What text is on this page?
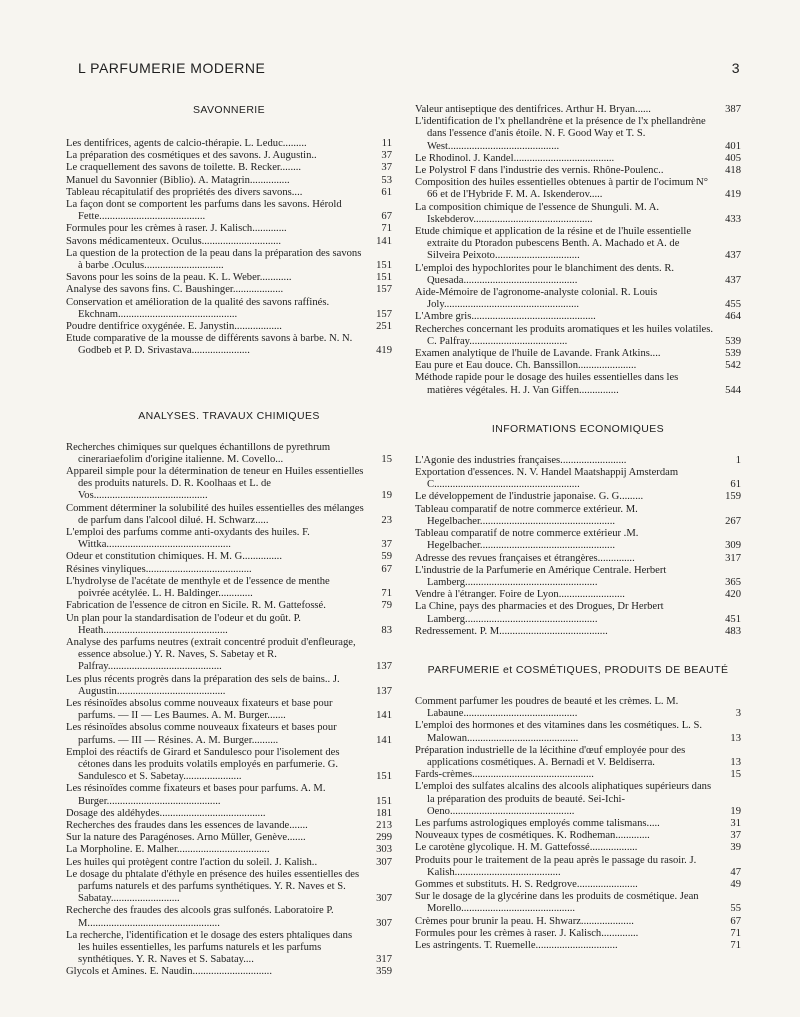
L PARFUMERIE MODERNE	3
SAVONNERIE
Les dentifrices, agents de calcio-thérapie. L. Leduc.........	11
La préparation des cosmétiques et des savons. J. Augustin..	37
Le craquellement des savons de toilette. B. Recker........	37
Manuel du Savonnier (Biblio). A. Matagrin...............	53
Tableau récapitulatif des propriétés des divers savons....	61
La façon dont se comportent les parfums dans les savons. Hérold Fette........................................	67
Formules pour les crèmes à raser. J. Kalisch.............	71
Savons médicamenteux. Oculus..............................	141
La question de la protection de la peau dans la préparation des savons à barbe .Oculus..............................	151
Savons pour les soins de la peau. K. L. Weber............	151
Analyse des savons fins. C. Baushinger...................	157
Conservation et amélioration de la qualité des savons raffinés. Ekchnam.............................................	157
Poudre dentifrice oxygénée. E. Janystin..................	251
Etude comparative de la mousse de différents savons à barbe. N. N. Godbeb et P. D. Srivastava......................	419
ANALYSES. TRAVAUX CHIMIQUES
Recherches chimiques sur quelques échantillons de pyrethrum cinerariaefolim d'origine italienne. M. Covello...	15
Appareil simple pour la détermination de teneur en Huiles essentielles des produits naturels. D. R. Koolhaas et L. de Vos...........................................	19
Comment déterminer la solubilité des huiles essentielles des mélanges de parfum dans l'alcool dilué. H. Schwarz.....	23
L'emploi des parfums comme anti-oxydants des huiles. F. Wittka...............................................	37
Odeur et constitution chimiques. H. M. G...............	59
Résines vinyliques........................................	67
L'hydrolyse de l'acétate de menthyle et de l'essence de menthe poivrée acétylée. L. H. Baldinger.............	71
Fabrication de l'essence de citron en Sicile. R. M. Gattefossé.	79
Un plan pour la standardisation de l'odeur et du goût. P. Heath...............................................	83
Analyse des parfums neutres (extrait concentré produit d'enfleurage, essence absolue.) Y. R. Naves, S. Sabetay et R. Palfray...........................................	137
Les plus récents progrès dans la préparation des sels de bains.. J. Augustin.........................................	137
Les résinoïdes absolus comme nouveaux fixateurs et base pour parfums. — II — Les Baumes. A. M. Burger.......	141
Les résinoïdes absolus comme nouveaux fixateurs et bases pour parfums. — III — Résines. A. M. Burger..........	141
Emploi des réactifs de Girard et Sandulesco pour l'isolement des cétones dans les produits volatils employés en parfumerie. G. Sandulesco et S. Sabetay......................	151
Les résinoïdes comme fixateurs et bases pour parfums. A. M. Burger...........................................	151
Dosage des aldéhydes........................................	181
Recherches des fraudes dans les essences de lavande.......	213
Sur la nature des Paragénoses. Arno Müller, Genève.......	299
La Morpholine. E. Malher...................................	303
Les huiles qui protègent contre l'action du soleil. J. Kalish..	307
Le dosage du phtalate d'éthyle en présence des huiles essentielles des parfums naturels et des parfums synthétiques. Y. R. Naves et S. Sabatay..........................	307
Recherche des fraudes des alcools gras sulfonés. Laboratoire P. M..................................................	307
La recherche, l'identification et le dosage des esters phtaliques dans les huiles essentielles, les parfums naturels et les parfums synthétiques. Y. R. Naves et S. Sabatay....	317
Glycols et Amines. E. Naudin..............................	359
Valeur antiseptique des dentifrices. Arthur H. Bryan......	387
L'identification de l'x phellandrène et la présence de l'x phellandrène dans l'essence d'anis étoile. N. F. Good Way et T. S. West..........................................	401
Le Rhodinol. J. Kandel......................................	405
Le Polystrol F dans l'industrie des vernis. Rhône-Poulenc..	418
Composition des huiles essentielles obtenues à partir de l'ocimum N° 66 et de l'Hybride F. M. A. Iskenderov.....	419
La composition chimique de l'essence de Shunguli. M. A. Iskebderov.............................................	433
Etude chimique et application de la résine et de l'huile essentielle extraite du Ptoradon pubescens Benth. A. Machado et A. de Silveira Peixoto................................	437
L'emploi des hypochlorites pour le blanchiment des dents. R. Quesada...........................................	437
Aide-Mémoire de l'agronome-analyste colonial. R. Louis Joly...................................................	455
L'Ambre gris...............................................	464
Recherches concernant les produits aromatiques et les huiles volatiles. C. Palfray.....................................	539
Examen analytique de l'huile de Lavande. Frank Atkins....	539
Eau pure et Eau douce. Ch. Banssillon......................	542
Méthode rapide pour le dosage des huiles essentielles dans les matières végétales. H. J. Van Giffen...............	544
INFORMATIONS ECONOMIQUES
L'Agonie des industries françaises.........................	1
Exportation d'essences. N. V. Handel Maatshappij Amsterdam C.......................................................	61
Le développement de l'industrie japonaise. G. G.........	159
Tableau comparatif de notre commerce extérieur. M. Hegelbacher...................................................	267
Tableau comparatif de notre commerce extérieur .M. Hegelbacher...................................................	309
Adresse des revues françaises et étrangères..............	317
L'industrie de la Parfumerie en Amérique Centrale. Herbert Lamberg..................................................	365
Vendre à l'étranger. Foire de Lyon.........................	420
La Chine, pays des pharmacies et des Drogues, Dr Herbert Lamberg..................................................	451
Redressement. P. M.........................................	483
PARFUMERIE et COSMÉTIQUES, PRODUITS DE BEAUTÉ
Comment parfumer les poudres de beauté et les crèmes. L. M. Labaune...........................................	3
L'emploi des hormones et des vitamines dans les cosmétiques. L. S. Malowan..........................................	13
Préparation industrielle de la lécithine d'œuf employée pour des applications cosmétiques. A. Bernadi et V. Beldiserra.	13
Fards-crèmes..............................................	15
L'emploi des sulfates alcalins des alcools aliphatiques supérieurs dans la préparation des produits de beauté. Sei-Ichi-Oeno...............................................	19
Les parfums astrologiques employés comme talismans.....	31
Nouveaux types de cosmétiques. K. Rodheman.............	37
Le carotène glycolique. H. M. Gattefossé..................	39
Produits pour le traitement de la peau après le passage du rasoir. J. Kalish........................................	47
Gommes et substituts. H. S. Redgrove.......................	49
Sur le dosage de la glycérine dans les produits de cosmétique. Jean Morello...........................................	55
Crèmes pour brunir la peau. H. Shwarz....................	67
Formules pour les crèmes à raser. J. Kalisch..............	71
Les astringents. T. Ruemelle...............................	71
